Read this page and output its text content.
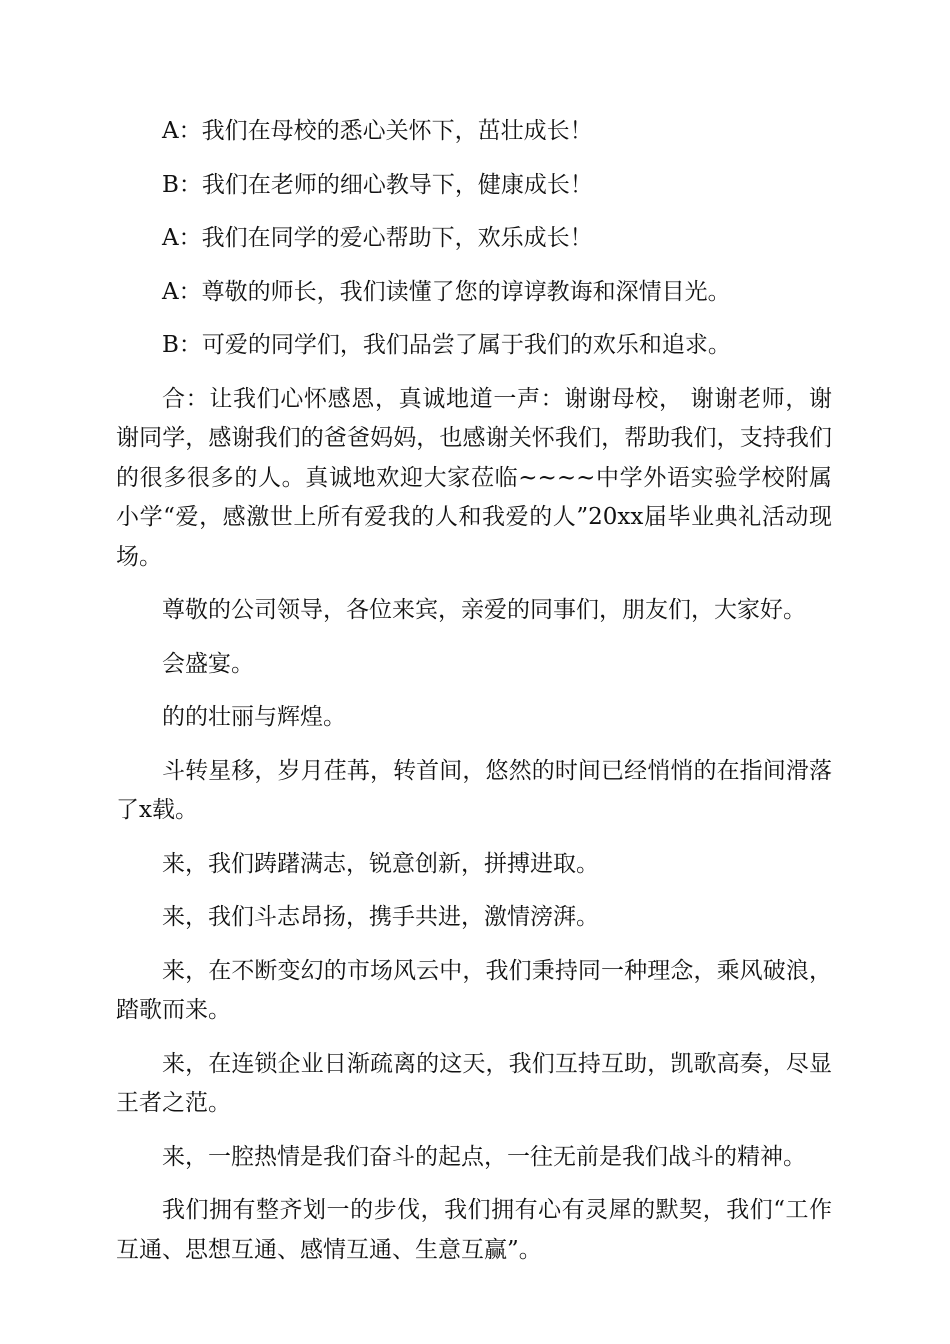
A：我们在母校的悉心关怀下，茁壮成长！

B：我们在老师的细心教导下，健康成长！

A：我们在同学的爱心帮助下，欢乐成长！

A：尊敬的师长，我们读懂了您的谆谆教诲和深情目光。

B：可爱的同学们，我们品尝了属于我们的欢乐和追求。

合：让我们心怀感恩，真诚地道一声：谢谢母校， 谢谢老师，谢谢同学，感谢我们的爸爸妈妈，也感谢关怀我们，帮助我们，支持我们的很多很多的人。真诚地欢迎大家莅临~~~~中学外语实验学校附属小学“爱，感激世上所有爱我的人和我爱的人”20xx届毕业典礼活动现场。

尊敬的公司领导，各位来宾，亲爱的同事们，朋友们，大家好。

会盛宴。

的的壮丽与辉煌。

斗转星移，岁月荏苒，转首间，悠然的时间已经悄悄的在指间滑落了x载。

来，我们踌躇满志，锐意创新，拼搏进取。

来，我们斗志昂扬，携手共进，激情滂湃。

来，在不断变幻的市场风云中，我们秉持同一种理念，乘风破浪，踏歌而来。

来，在连锁企业日渐疏离的这天，我们互持互助，凯歌高奏，尽显王者之范。

来，一腔热情是我们奋斗的起点，一往无前是我们战斗的精神。

我们拥有整齐划一的步伐，我们拥有心有灵犀的默契，我们“工作互通、思想互通、感情互通、生意互赢”。
